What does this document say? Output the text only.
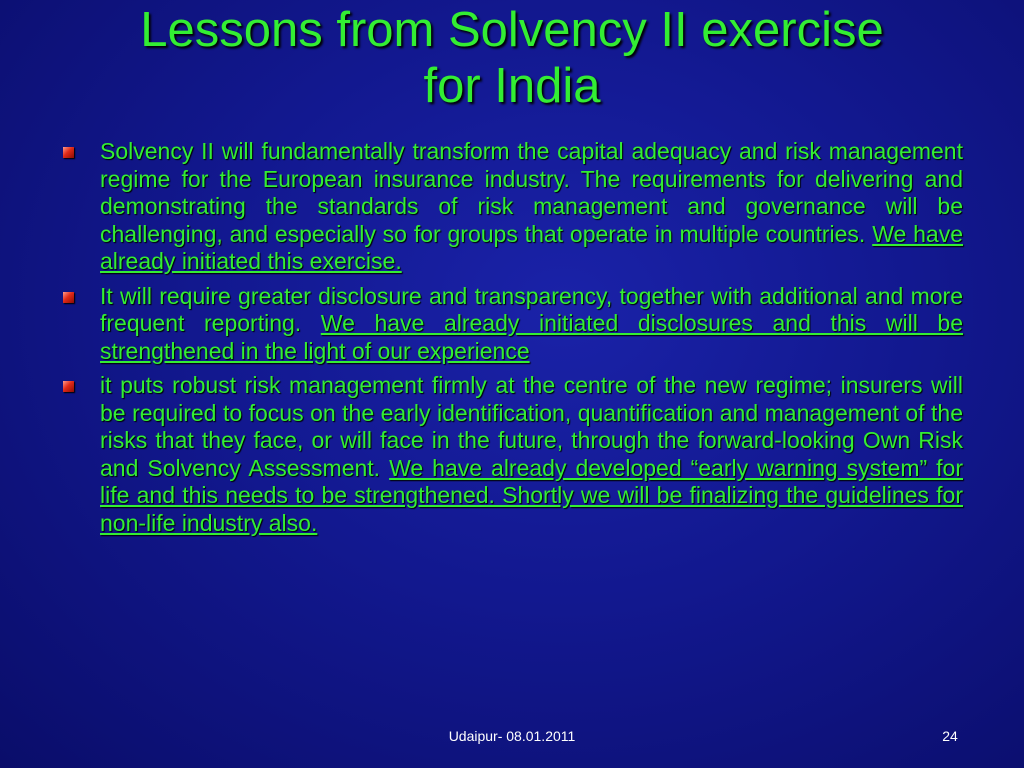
Lessons from Solvency II exercise
for India
Solvency II will fundamentally transform the capital adequacy and risk management regime for the European insurance industry. The requirements for delivering and demonstrating the standards of risk management and governance will be challenging, and especially so for groups that operate in multiple countries. We have already initiated this exercise.
It will require greater disclosure and transparency, together with additional and more frequent reporting. We have already initiated disclosures and this will be strengthened in the light of our experience
it puts robust risk management firmly at the centre of the new regime; insurers will be required to focus on the early identification, quantification and management of the risks that they face, or will face in the future, through the forward-looking Own Risk and Solvency Assessment. We have already developed “early warning system” for life and this needs to be strengthened. Shortly we will be finalizing the guidelines for non-life industry also.
Udaipur- 08.01.2011	24
